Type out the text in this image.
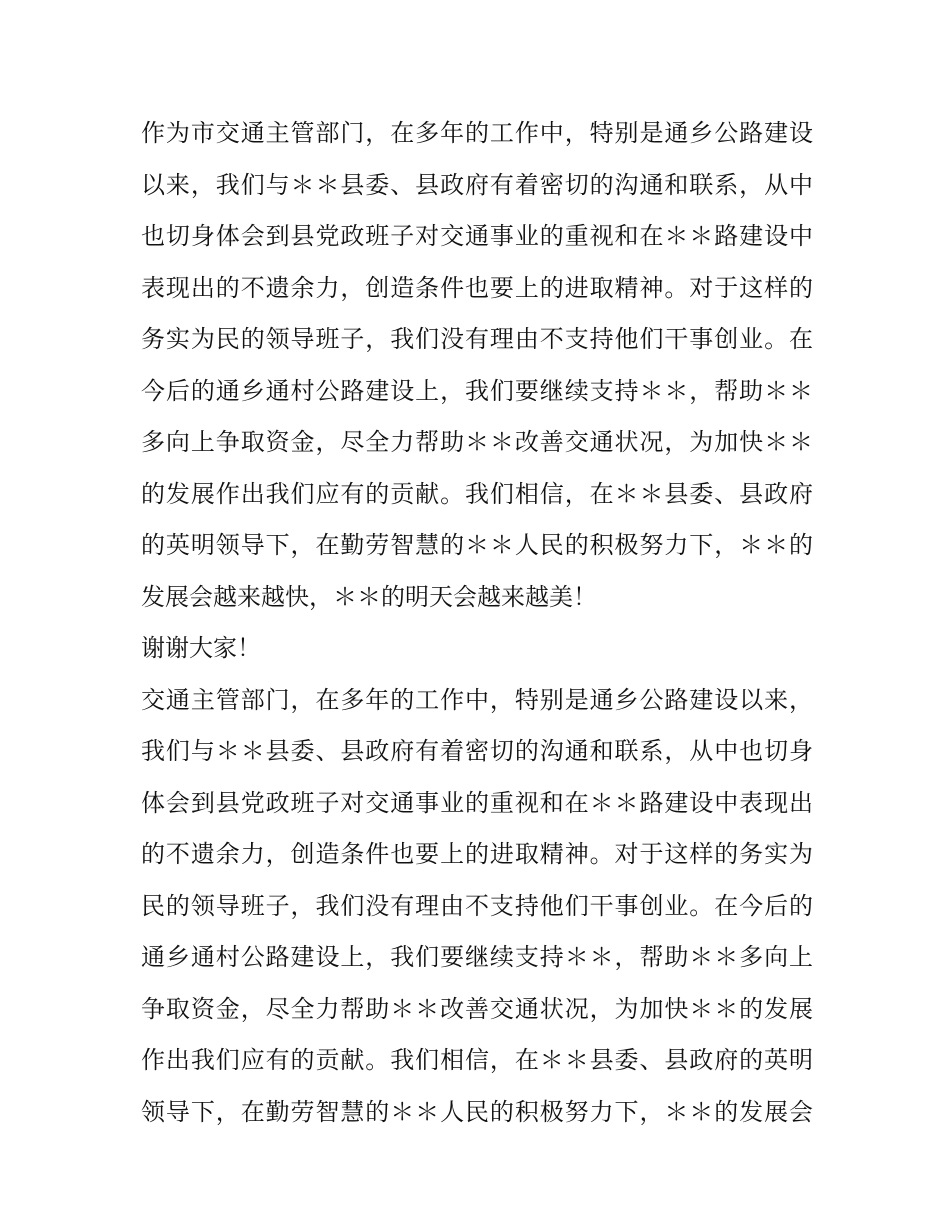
作为市交通主管部门，在多年的工作中，特别是通乡公路建设
以来，我们与＊＊县委、县政府有着密切的沟通和联系，从中
也切身体会到县党政班子对交通事业的重视和在＊＊路建设中
表现出的不遗余力，创造条件也要上的进取精神。对于这样的
务实为民的领导班子，我们没有理由不支持他们干事创业。在
今后的通乡通村公路建设上，我们要继续支持＊＊，帮助＊＊
多向上争取资金，尽全力帮助＊＊改善交通状况，为加快＊＊
的发展作出我们应有的贡献。我们相信，在＊＊县委、县政府
的英明领导下，在勤劳智慧的＊＊人民的积极努力下，＊＊的
发展会越来越快，＊＊的明天会越来越美！
谢谢大家！
交通主管部门，在多年的工作中，特别是通乡公路建设以来，
我们与＊＊县委、县政府有着密切的沟通和联系，从中也切身
体会到县党政班子对交通事业的重视和在＊＊路建设中表现出
的不遗余力，创造条件也要上的进取精神。对于这样的务实为
民的领导班子，我们没有理由不支持他们干事创业。在今后的
通乡通村公路建设上，我们要继续支持＊＊，帮助＊＊多向上
争取资金，尽全力帮助＊＊改善交通状况，为加快＊＊的发展
作出我们应有的贡献。我们相信，在＊＊县委、县政府的英明
领导下，在勤劳智慧的＊＊人民的积极努力下，＊＊的发展会
